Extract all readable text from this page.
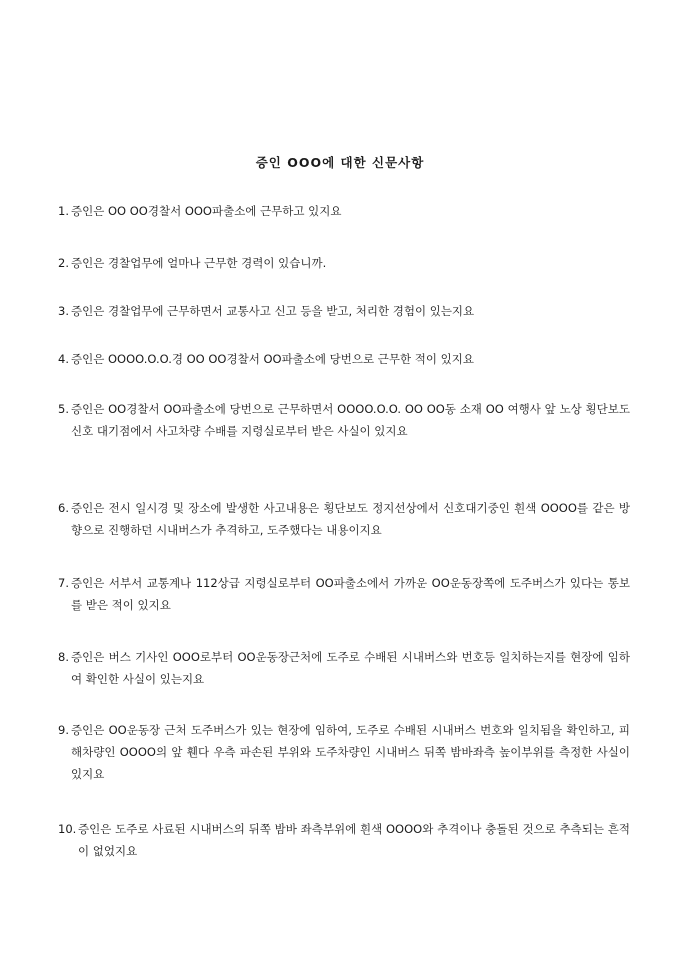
증인 OOO에 대한 신문사항
1. 증인은 OO OO경찰서 OOO파출소에 근무하고 있지요
2. 증인은 경찰업무에 얼마나 근무한 경력이 있습니까.
3. 증인은 경찰업무에 근무하면서 교통사고 신고 등을 받고, 처리한 경험이 있는지요
4. 증인은 OOOO.O.O.경 OO OO경찰서 OO파출소에 당번으로 근무한 적이 있지요
5. 증인은 OO경찰서 OO파출소에 당번으로 근무하면서 OOOO.O.O. OO OO동 소재 OO 여행사 앞 노상 횡단보도 신호 대기점에서 사고차량 수배를 지령실로부터 받은 사실이 있지요
6. 증인은 전시 일시경 및 장소에 발생한 사고내용은 횡단보도 정지선상에서 신호대기중인 흰색 OOOO를 같은 방향으로 진행하던 시내버스가 추격하고, 도주했다는 내용이지요
7. 증인은 서부서 교통계나 112상급 지령실로부터 OO파출소에서 가까운 OO운동장쪽에 도주버스가 있다는 통보를 받은 적이 있지요
8. 증인은 버스 기사인 OOO로부터 OO운동장근처에 도주로 수배된 시내버스와 번호등 일치하는지를 현장에 임하여 확인한 사실이 있는지요
9. 증인은 OO운동장 근처 도주버스가 있는 현장에 임하여, 도주로 수배된 시내버스 번호와 일치됨을 확인하고, 피해차량인 OOOO의 앞 휀다 우측 파손된 부위와 도주차량인 시내버스 뒤쪽 밤바좌측 높이부위를 측정한 사실이 있지요
10. 증인은 도주로 사료된 시내버스의 뒤쪽 밤바 좌측부위에 흰색 OOOO와 추격이나 충돌된 것으로 추측되는 흔적이 없었지요
